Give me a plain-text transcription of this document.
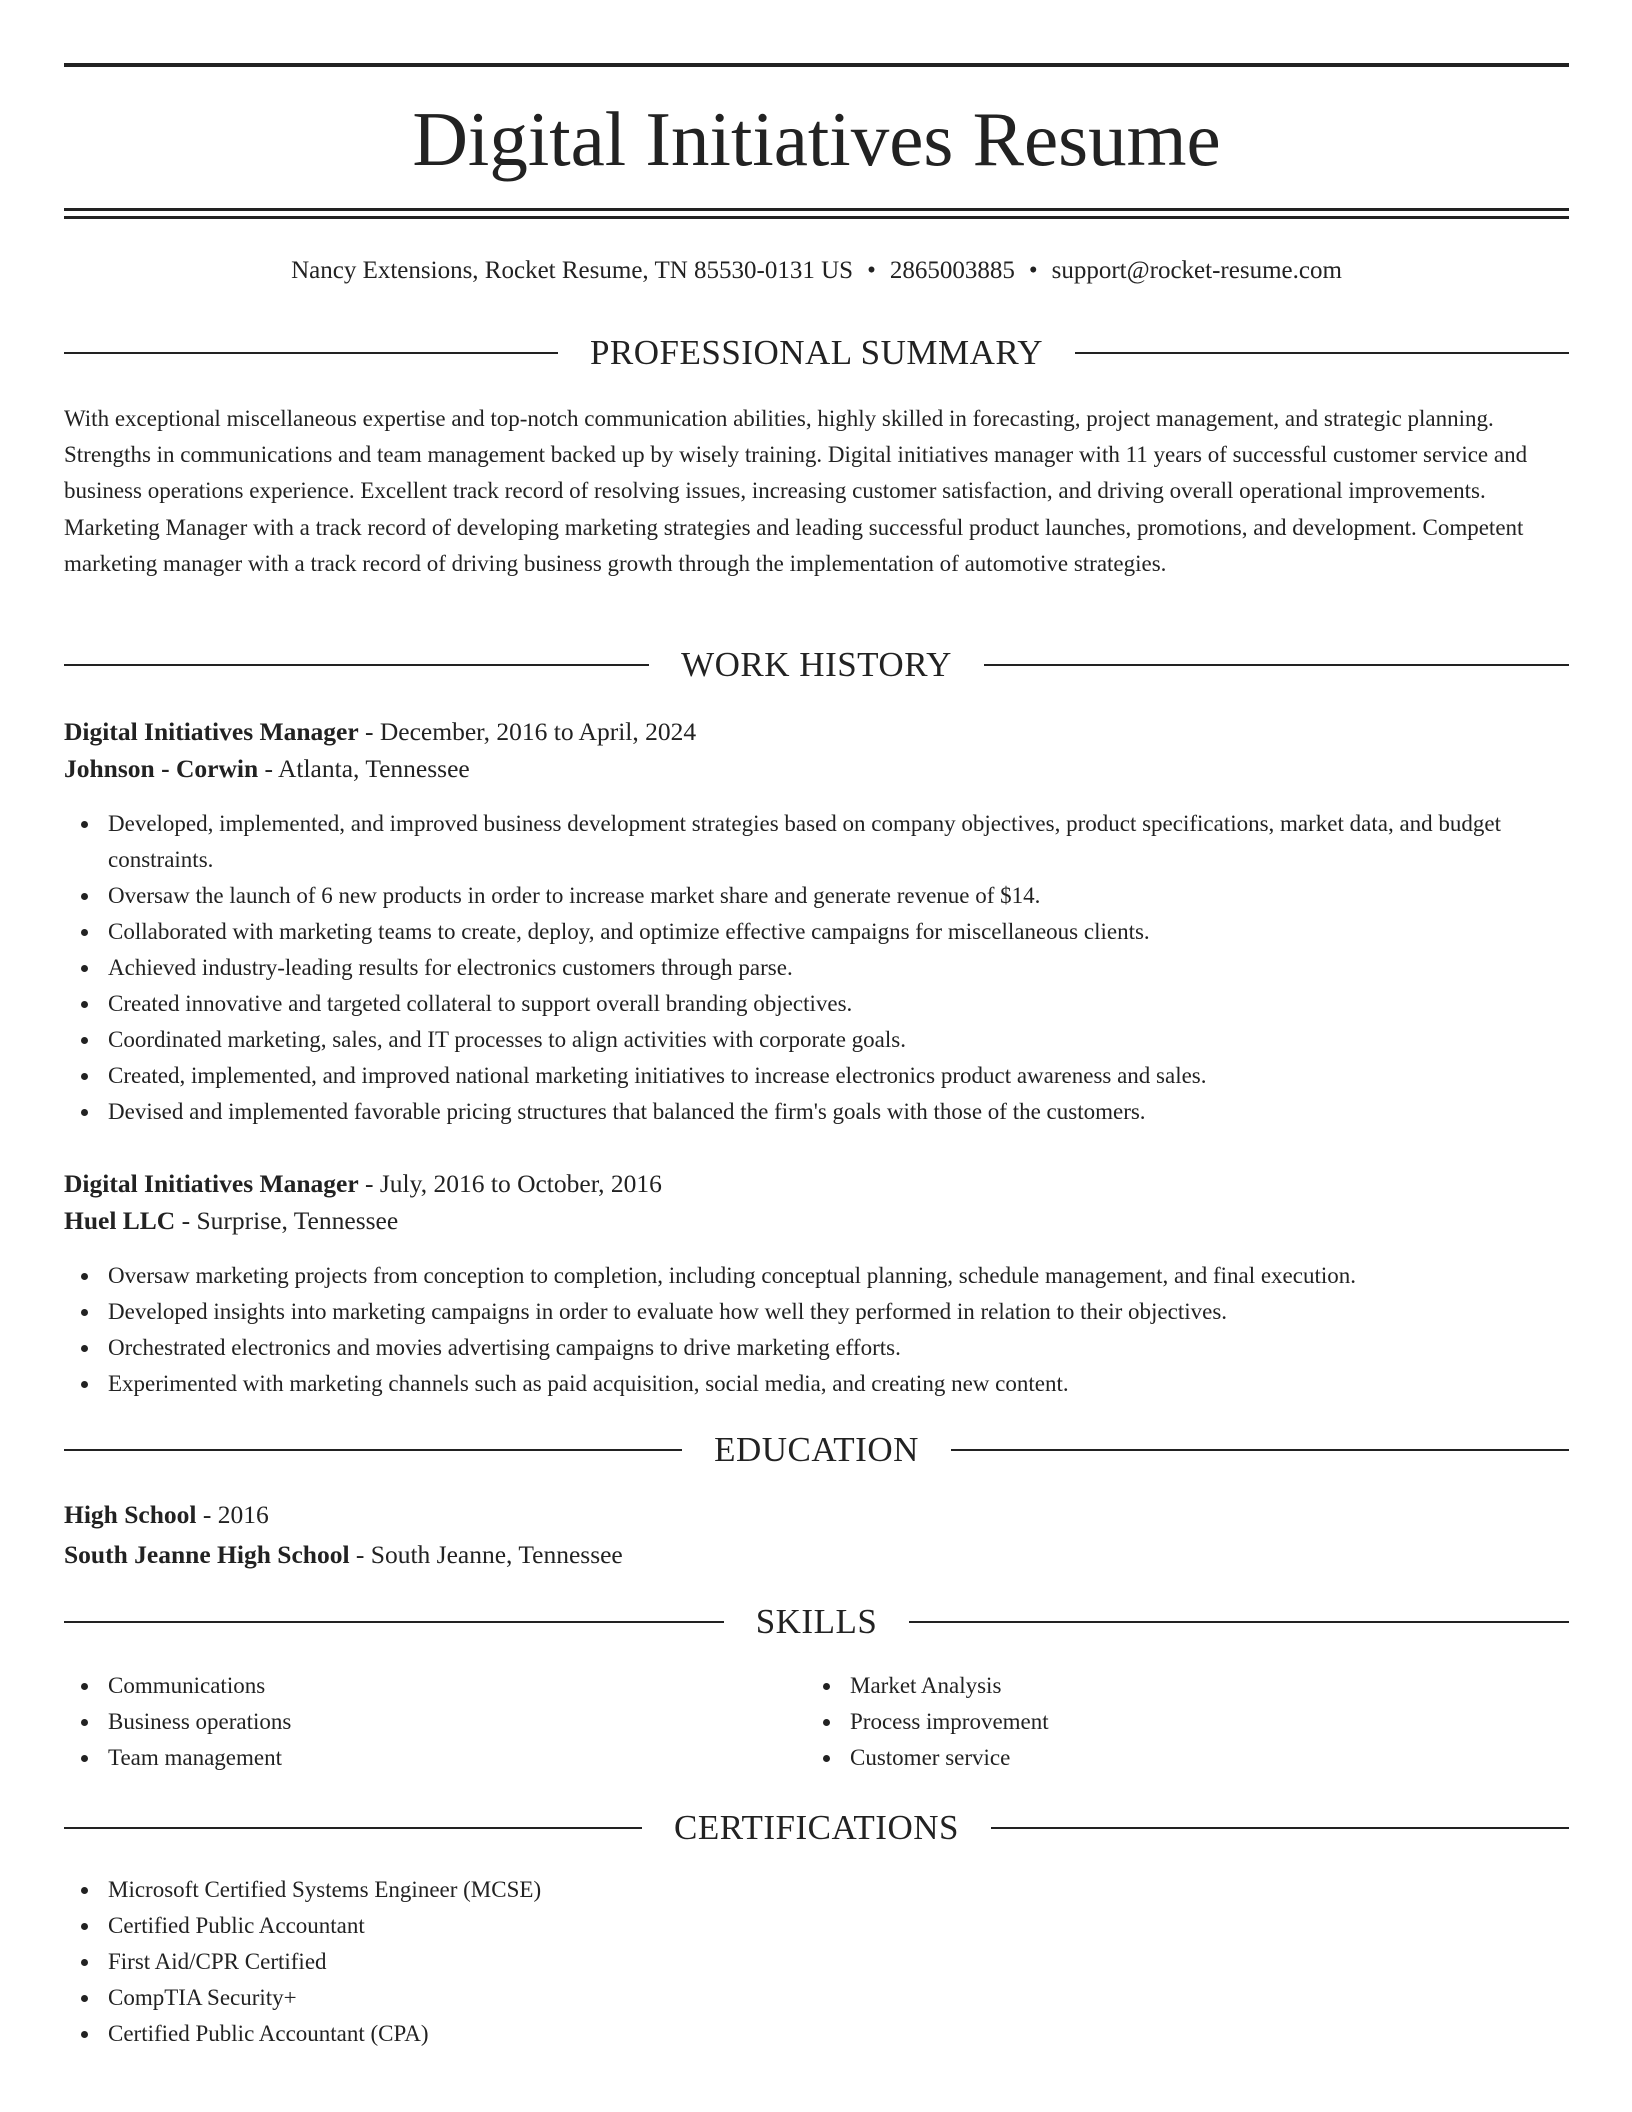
Digital Initiatives Resume
Nancy Extensions, Rocket Resume, TN 85530-0131 US • 2865003885 • support@rocket-resume.com
PROFESSIONAL SUMMARY

With exceptional miscellaneous expertise and top-notch communication abilities, highly skilled in forecasting, project management, and strategic planning. Strengths in communications and team management backed up by wisely training. Digital initiatives manager with 11 years of successful customer service and business operations experience. Excellent track record of resolving issues, increasing customer satisfaction, and driving overall operational improvements. Marketing Manager with a track record of developing marketing strategies and leading successful product launches, promotions, and development. Competent marketing manager with a track record of driving business growth through the implementation of automotive strategies.

WORK HISTORY
Digital Initiatives Manager - December, 2016 to April, 2024
Johnson - Corwin - Atlanta, Tennessee
Developed, implemented, and improved business development strategies based on company objectives, product specifications, market data, and budget constraints.
Oversaw the launch of 6 new products in order to increase market share and generate revenue of $14.
Collaborated with marketing teams to create, deploy, and optimize effective campaigns for miscellaneous clients.
Achieved industry-leading results for electronics customers through parse.
Created innovative and targeted collateral to support overall branding objectives.
Coordinated marketing, sales, and IT processes to align activities with corporate goals.
Created, implemented, and improved national marketing initiatives to increase electronics product awareness and sales.
Devised and implemented favorable pricing structures that balanced the firm's goals with those of the customers.
Digital Initiatives Manager - July, 2016 to October, 2016
Huel LLC - Surprise, Tennessee
Oversaw marketing projects from conception to completion, including conceptual planning, schedule management, and final execution.
Developed insights into marketing campaigns in order to evaluate how well they performed in relation to their objectives.
Orchestrated electronics and movies advertising campaigns to drive marketing efforts.
Experimented with marketing channels such as paid acquisition, social media, and creating new content.
EDUCATION
High School - 2016
South Jeanne High School - South Jeanne, Tennessee
SKILLS
Communications
Business operations
Team management
Market Analysis
Process improvement
Customer service
CERTIFICATIONS
Microsoft Certified Systems Engineer (MCSE)
Certified Public Accountant
First Aid/CPR Certified
CompTIA Security+
Certified Public Accountant (CPA)
